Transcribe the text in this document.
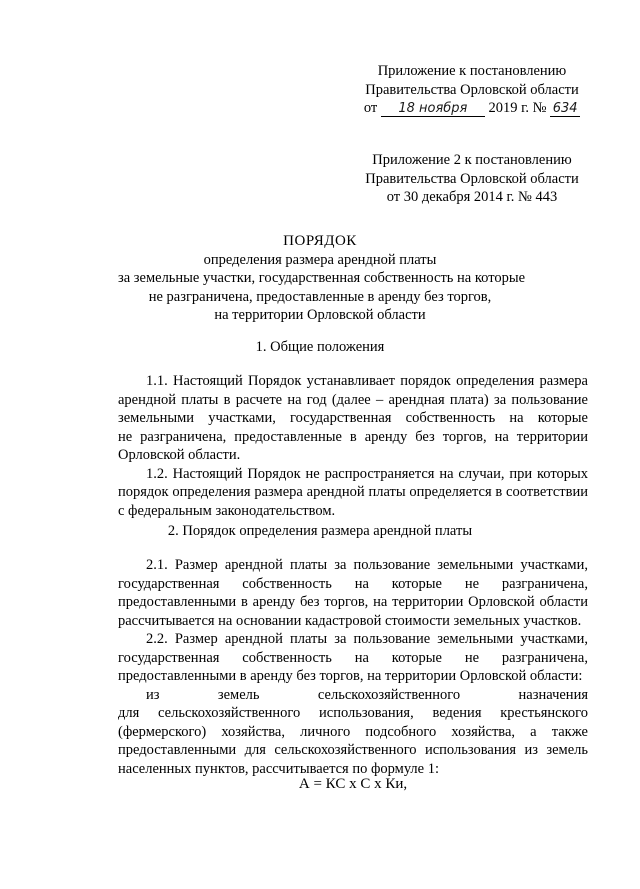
Приложение к постановлению
Правительства Орловской области
от 18 ноября 2019 г. № 634
Приложение 2 к постановлению
Правительства Орловской области
от 30 декабря 2014 г. № 443
ПОРЯДОК
определения размера арендной платы
за земельные участки, государственная собственность на которые
не разграничена, предоставленные в аренду без торгов,
на территории Орловской области
1. Общие положения
1.1. Настоящий Порядок устанавливает порядок определения размера
арендной платы в расчете на год (далее – арендная плата) за пользование
земельными участками, государственная собственность на которые
не разграничена, предоставленные в аренду без торгов, на территории
Орловской области.
1.2. Настоящий Порядок не распространяется на случаи, при которых
порядок определения размера арендной платы определяется в соответствии
с федеральным законодательством.
2. Порядок определения размера арендной платы
2.1. Размер арендной платы за пользование земельными участками,
государственная собственность на которые не разграничена,
предоставленными в аренду без торгов, на территории Орловской области
рассчитывается на основании кадастровой стоимости земельных участков.
2.2. Размер арендной платы за пользование земельными участками,
государственная собственность на которые не разграничена,
предоставленными в аренду без торгов, на территории Орловской области:
из земель сельскохозяйственного назначения
для сельскохозяйственного использования, ведения крестьянского
(фермерского) хозяйства, личного подсобного хозяйства, а также
предоставленными для сельскохозяйственного использования из земель
населенных пунктов, рассчитывается по формуле 1:
А = КС х С х Ки,
